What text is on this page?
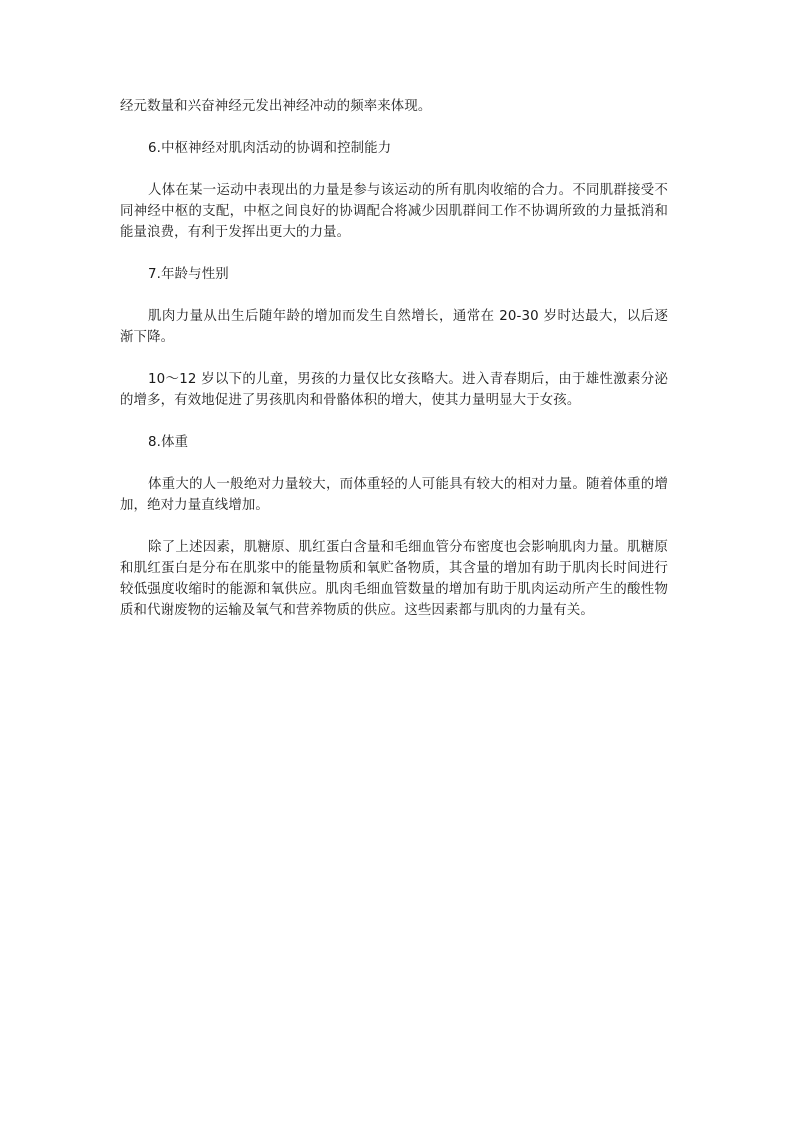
经元数量和兴奋神经元发出神经冲动的频率来体现。

6.中枢神经对肌肉活动的协调和控制能力

人体在某一运动中表现出的力量是参与该运动的所有肌肉收缩的合力。不同肌群接受不同神经中枢的支配，中枢之间良好的协调配合将减少因肌群间工作不协调所致的力量抵消和能量浪费，有利于发挥出更大的力量。

7.年龄与性别

肌肉力量从出生后随年龄的增加而发生自然增长，通常在 20-30 岁时达最大，以后逐渐下降。

10～12 岁以下的儿童，男孩的力量仅比女孩略大。进入青春期后，由于雄性激素分泌的增多，有效地促进了男孩肌肉和骨骼体积的增大，使其力量明显大于女孩。

8.体重

体重大的人一般绝对力量较大，而体重轻的人可能具有较大的相对力量。随着体重的增加，绝对力量直线增加。

除了上述因素，肌糖原、肌红蛋白含量和毛细血管分布密度也会影响肌肉力量。肌糖原和肌红蛋白是分布在肌浆中的能量物质和氧贮备物质，其含量的增加有助于肌肉长时间进行较低强度收缩时的能源和氧供应。肌肉毛细血管数量的增加有助于肌肉运动所产生的酸性物质和代谢废物的运输及氧气和营养物质的供应。这些因素都与肌肉的力量有关。
